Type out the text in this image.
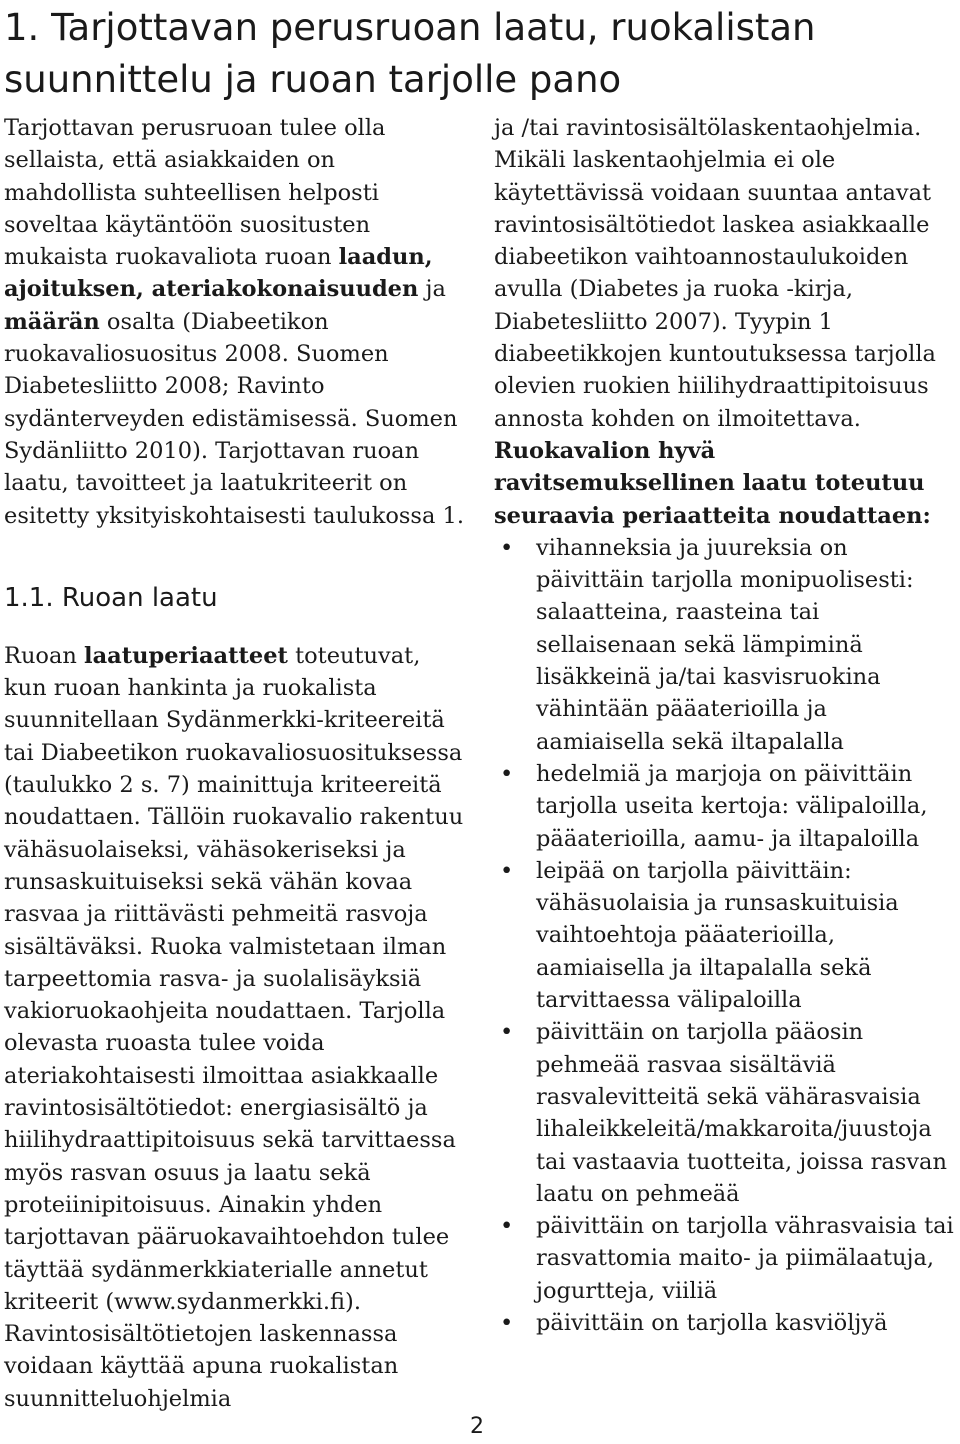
1. Tarjottavan perusruoan laatu, ruokalistan suunnittelu ja ruoan tarjolle pano

Tarjottavan perusruoan tulee olla sellaista, että asiakkaiden on mahdollista suhteellisen helposti soveltaa käytäntöön suositusten mukaista ruokavaliota ruoan laadun, ajoituksen, ateriakokonaisuuden ja määrän osalta (Diabeetikon ruokavaliosuositus 2008. Suomen Diabetesliitto 2008; Ravinto sydänterveyden edistämisessä. Suomen Sydänliitto 2010). Tarjottavan ruoan laatu, tavoitteet ja laatukriteerit on esitetty yksityiskohtaisesti taulukossa 1.

1.1. Ruoan laatu

Ruoan laatuperiaatteet toteutuvat, kun ruoan hankinta ja ruokalista suunnitellaan Sydänmerkki-kriteereitä tai Diabeetikon ruokavaliosuosituksessa (taulukko 2 s. 7) mainittuja kriteereitä noudattaen. Tällöin ruokavalio rakentuu vähäsuolaiseksi, vähäsokeriseksi ja runsaskuituiseksi sekä vähän kovaa rasvaa ja riittävästi pehmeitä rasvoja sisältäväksi. Ruoka valmistetaan ilman tarpeettomia rasva- ja suolalisäyksiä vakioruokaohjeita noudattaen. Tarjolla olevasta ruoasta tulee voida ateriakohtaisesti ilmoittaa asiakkaalle ravintosisältötiedot: energiasisältö ja hiilihydraattipitoisuus sekä tarvittaessa myös rasvan osuus ja laatu sekä proteiinipitoisuus. Ainakin yhden tarjottavan pääruokavaihtoehdon tulee täyttää sydänmerkkiaterialle annetut kriteerit (www.sydanmerkki.fi). Ravintosisältötietojen laskennassa voidaan käyttää apuna ruokalistan suunnitteluohjelmia

ja /tai ravintosisältölaskentaohjelmia. Mikäli laskentaohjelmia ei ole käytettävissä voidaan suuntaa antavat ravintosisältötiedot laskea asiakkaalle diabeetikon vaihtoannostaulukoiden avulla (Diabetes ja ruoka -kirja, Diabetesliitto 2007). Tyypin 1 diabeetikkojen kuntoutuksessa tarjolla olevien ruokien hiilihydraattipitoisuus annosta kohden on ilmoitettava.

Ruokavalion hyvä ravitsemuksellinen laatu toteutuu seuraavia periaatteita noudattaen:

• vihanneksia ja juureksia on päivittäin tarjolla monipuolisesti: salaatteina, raasteina tai sellaisenaan sekä lämpiminä lisäkkeinä ja/tai kasvisruokina vähintään pääaterioilla ja aamiaisella sekä iltapalalla
• hedelmiä ja marjoja on päivittäin tarjolla useita kertoja: välipaloilla, pääaterioilla, aamu- ja iltapaloilla
• leipää on tarjolla päivittäin: vähäsuolaisia ja runsaskuituisia vaihtoehtoja pääaterioilla, aamiaisella ja iltapalalla sekä tarvittaessa välipaloilla
• päivittäin on tarjolla pääosin pehmeää rasvaa sisältäviä rasvalevitteitä sekä vähärasvaisia lihaleikkeleitä/makkaroita/juustoja tai vastaavia tuotteita, joissa rasvan laatu on pehmeää
• päivittäin on tarjolla vährasvaisia tai rasvattomia maito- ja piimälaatuja, jogurtteja, viiliä
• päivittäin on tarjolla kasviöljyä

2
